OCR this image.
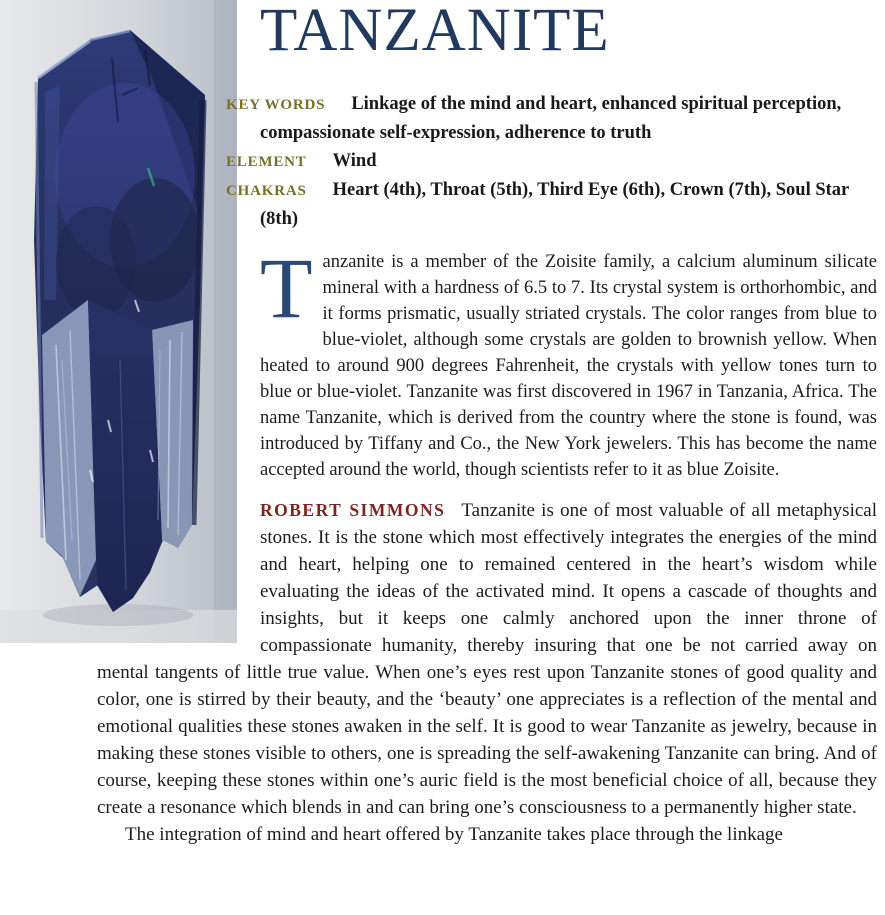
TANZANITE
KEY WORDS Linkage of the mind and heart, enhanced spiritual perception, compassionate self-expression, adherence to truth
ELEMENT Wind
CHAKRAS Heart (4th), Throat (5th), Third Eye (6th), Crown (7th), Soul Star (8th)

Tanzanite is a member of the Zoisite family, a calcium aluminum silicate mineral with a hardness of 6.5 to 7. Its crystal system is orthorhombic, and it forms prismatic, usually striated crystals. The color ranges from blue to blue-violet, although some crystals are golden to brownish yellow. When heated to around 900 degrees Fahrenheit, the crystals with yellow tones turn to blue or blue-violet. Tanzanite was first discovered in 1967 in Tanzania, Africa. The name Tanzanite, which is derived from the country where the stone is found, was introduced by Tiffany and Co., the New York jewelers. This has become the name accepted around the world, though scientists refer to it as blue Zoisite.

ROBERT SIMMONS Tanzanite is one of most valuable of all metaphysical stones. It is the stone which most effectively integrates the energies of the mind and heart, helping one to remained centered in the heart’s wisdom while evaluating the ideas of the activated mind. It opens a cascade of thoughts and insights, but it keeps one calmly anchored upon the inner throne of compassionate humanity, thereby insuring that one be not carried away on mental tangents of little true value. When one’s eyes rest upon Tanzanite stones of good quality and color, one is stirred by their beauty, and the ‘beauty’ one appreciates is a reflection of the mental and emotional qualities these stones awaken in the self. It is good to wear Tanzanite as jewelry, because in making these stones visible to others, one is spreading the self-awakening Tanzanite can bring. And of course, keeping these stones within one’s auric field is the most beneficial choice of all, because they create a resonance which blends in and can bring one’s consciousness to a permanently higher state.

The integration of mind and heart offered by Tanzanite takes place through the linkage
